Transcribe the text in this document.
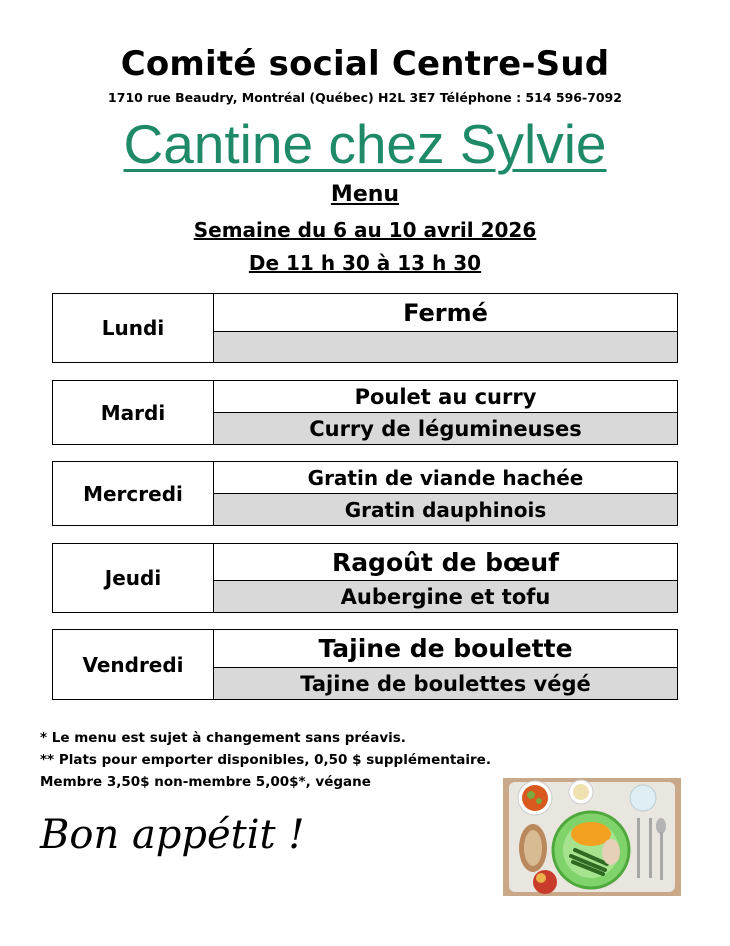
Comité social Centre-Sud
1710 rue Beaudry, Montréal (Québec) H2L 3E7 Téléphone : 514 596-7092
Cantine chez Sylvie
Menu
Semaine du 6 au 10 avril 2026
De 11 h 30 à 13 h 30
Lundi
Fermé
Mardi
Poulet au curry
Curry de légumineuses
Mercredi
Gratin de viande hachée
Gratin dauphinois
Jeudi
Ragoût de bœuf
Aubergine et tofu
Vendredi
Tajine de boulette
Tajine de boulettes végé
* Le menu est sujet à changement sans préavis.
** Plats pour emporter disponibles, 0,50 $ supplémentaire.
Membre 3,50$ non-membre 5,00$*, végane
Bon appétit !
